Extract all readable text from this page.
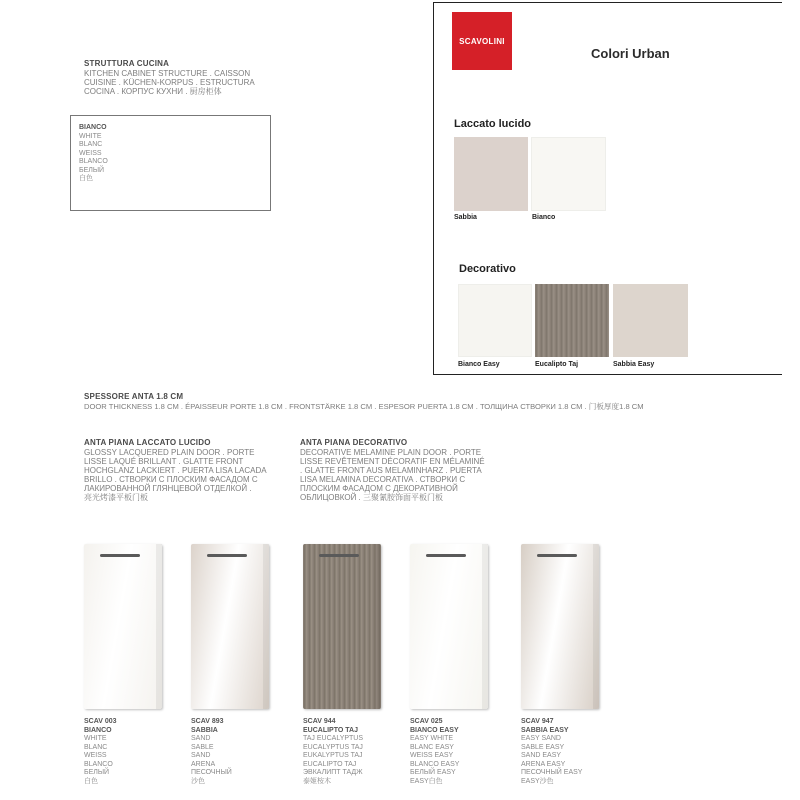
STRUTTURA CUCINA
KITCHEN CABINET STRUCTURE . CAISSON
CUISINE . KÜCHEN-KORPUS . ESTRUCTURA
COCINA . КОРПУС КУХНИ . 厨房柜体
BIANCO
WHITE
BLANC
WEISS
BLANCO
БЕЛЫЙ
白色
SCAVOLINI
Colori Urban
Laccato lucido
Sabbia	Bianco
Decorativo
Bianco Easy	Eucalipto Taj	Sabbia Easy
SPESSORE ANTA 1.8 CM
DOOR THICKNESS 1.8 CM . ÉPAISSEUR PORTE 1.8 CM . FRONTSTÄRKE 1.8 CM . ESPESOR PUERTA 1.8 CM . ТОЛЩИНА СТВОРКИ 1.8 CM . 门板厚度1.8 CM
ANTA PIANA LACCATO LUCIDO
GLOSSY LACQUERED PLAIN DOOR . PORTE
LISSE LAQUÉ BRILLANT . GLATTE FRONT
HOCHGLANZ LACKIERT . PUERTA LISA LACADA
BRILLO . СТВОРКИ С ПЛОСКИМ ФАСАДОМ С
ЛАКИРОВАННОЙ ГЛЯНЦЕВОЙ ОТДЕЛКОЙ .
亮光烤漆平板门板
ANTA PIANA DECORATIVO
DECORATIVE MELAMINE PLAIN DOOR . PORTE
LISSE REVÊTEMENT DÉCORATIF EN MÉLAMINÉ
. GLATTE FRONT AUS MELAMINHARZ . PUERTA
LISA MELAMINA DECORATIVA . СТВОРКИ С
ПЛОСКИМ ФАСАДОМ С ДЕКОРАТИВНОЙ
ОБЛИЦОВКОЙ . 三聚氰胺饰面平板门板
SCAV 003
BIANCO
WHITE
BLANC
WEISS
BLANCO
БЕЛЫЙ
白色
SCAV 893
SABBIA
SAND
SABLE
SAND
ARENA
ПЕСОЧНЫЙ
沙色
SCAV 944
EUCALIPTO TAJ
TAJ EUCALYPTUS
EUCALYPTUS TAJ
EUKALYPTUS TAJ
EUCALIPTO TAJ
ЭВКАЛИПТ ТАДЖ
泰姬桉木
SCAV 025
BIANCO EASY
EASY WHITE
BLANC EASY
WEISS EASY
BLANCO EASY
БЕЛЫЙ EASY
EASY白色
SCAV 947
SABBIA EASY
EASY SAND
SABLE EASY
SAND EASY
ARENA EASY
ПЕСОЧНЫЙ EASY
EASY沙色
